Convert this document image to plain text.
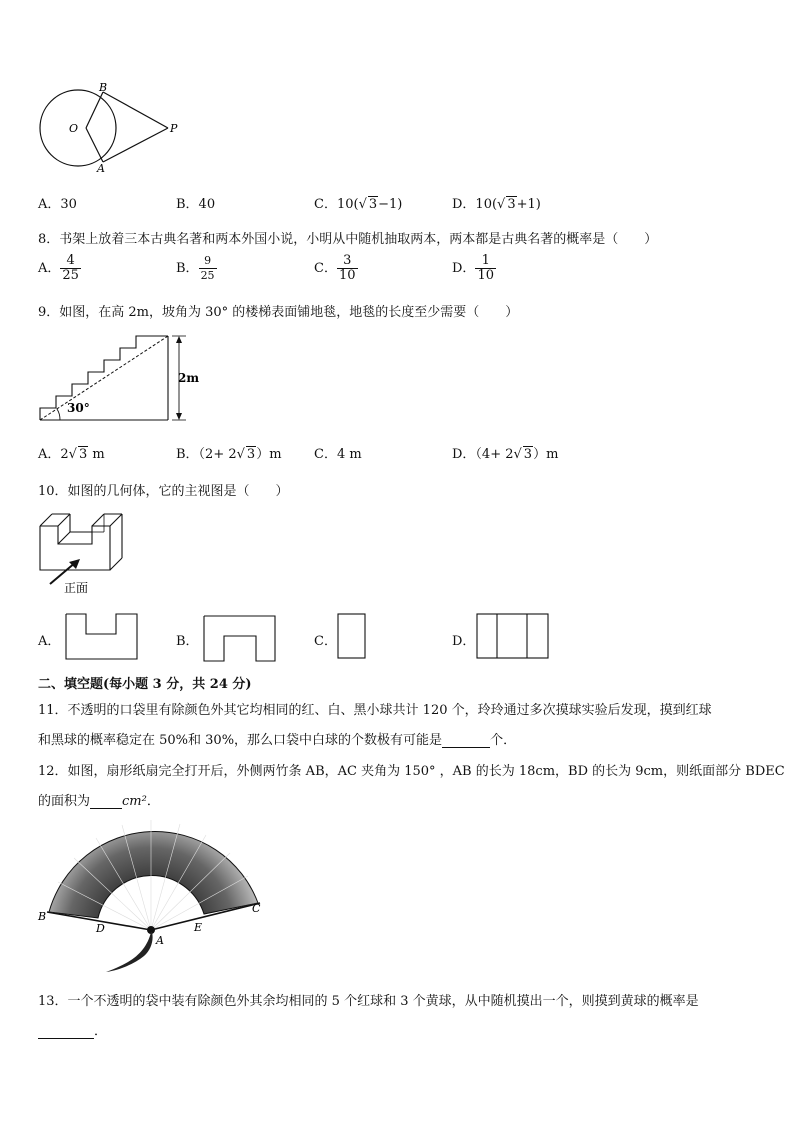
B
O
A
P
A．30	B．40	C．10(√ 3−1)	D．10(√ 3+1)
8．书架上放着三本古典名著和两本外国小说，小明从中随机抽取两本，两本都是古典名著的概率是（　　）
A． $\frac{4}{25}$	B． $\frac{9}{25}$	C． $\frac{3}{10}$	D． $\frac{1}{10}$
9．如图，在高 2m，坡角为 30° 的楼梯表面铺地毯，地毯的长度至少需要（　　）
2m
30°
A．2√ 3 m	B．（2+ 2√ 3）m C．4 m	D．（4+ 2√ 3）m
10．如图的几何体，它的主视图是（　　）
正面
A．	B．	C．	D．
二、填空题(每小题 3 分，共 24 分)
11．不透明的口袋里有除颜色外其它均相同的红、白、黑小球共计 120 个，玲玲通过多次摸球实验后发现，摸到红球
和黑球的概率稳定在 50%和 30%，那么口袋中白球的个数极有可能是	个．
12．如图，扇形纸扇完全打开后，外侧两竹条 AB，AC 夹角为 150° ，AB 的长为 18cm，BD 的长为 9cm，则纸面部分 BDEC
的面积为 cm²．
B
C
D	E
A
13．一个不透明的袋中装有除颜色外其余均相同的 5 个红球和 3 个黄球，从中随机摸出一个，则摸到黄球的概率是
．
